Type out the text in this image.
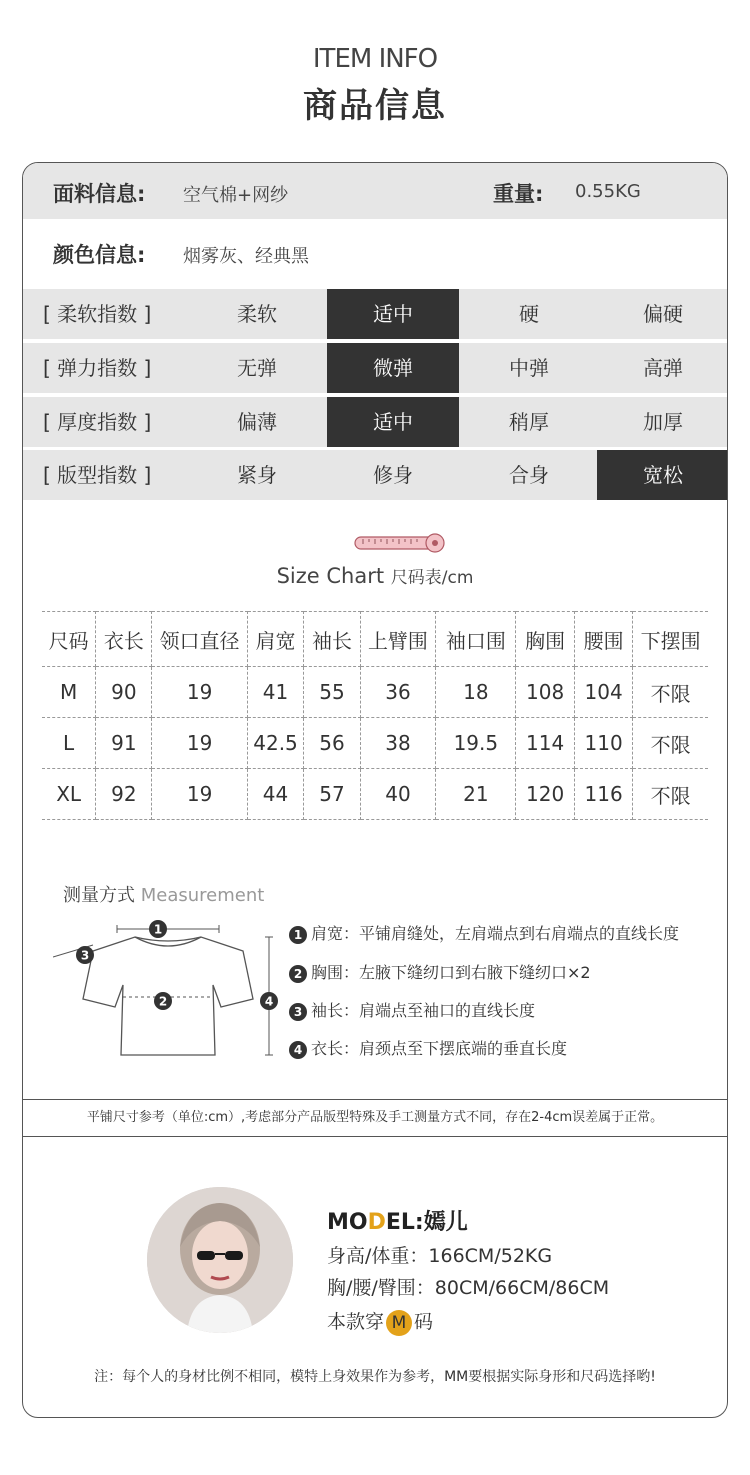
ITEM INFO
商品信息
面料信息: 空气棉+网纱	重量: 0.55KG
颜色信息: 烟雾灰、经典黑
[ 柔软指数 ]	柔软	适中	硬	偏硬
[ 弹力指数 ]	无弹	微弹	中弹	高弹
[ 厚度指数 ]	偏薄	适中	稍厚	加厚
[ 版型指数 ]	紧身	修身	合身	宽松
Size Chart 尺码表/cm
尺码	衣长	领口直径	肩宽	袖长	上臂围	袖口围	胸围	腰围	下摆围
M	90	19	41	55	36	18	108	104	不限
L	91	19	42.5	56	38	19.5	114	110	不限
XL	92	19	44	57	40	21	120	116	不限
测量方式 Measurement
1
2
3
4
1 肩宽：平铺肩缝处，左肩端点到右肩端点的直线长度
2 胸围：左腋下缝纫口到右腋下缝纫口×2
3 袖长：肩端点至袖口的直线长度
4 衣长：肩颈点至下摆底端的垂直长度
平铺尺寸参考（单位:cm）,考虑部分产品版型特殊及手工测量方式不同，存在2-4cm误差属于正常。
MODEL:嫣儿
身高/体重：166CM/52KG
胸/腰/臀围：80CM/66CM/86CM
本款穿 M 码
注：每个人的身材比例不相同，模特上身效果作为参考，MM要根据实际身形和尺码选择哟!
